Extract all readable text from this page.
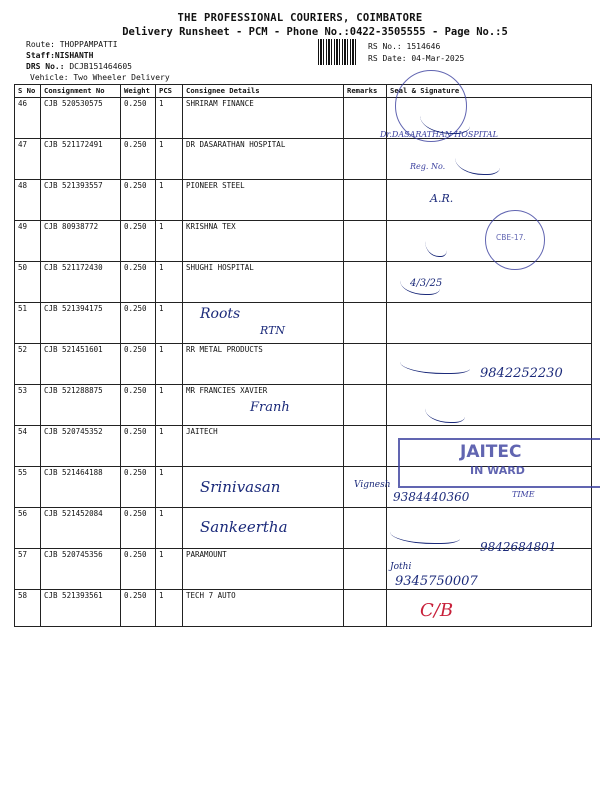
THE PROFESSIONAL COURIERS, COIMBATORE
Delivery Runsheet - PCM - Phone No.:0422-3505555 - Page No.:5
Route: THOPPAMPATTI
Staff:NISHANTH
DRS No.: DCJB151464605
Vehicle: Two Wheeler Delivery
RS No.: 1514646
RS Date: 04-Mar-2025
S No	Consignment No	Weight	PCS	Consignee Details	Remarks	Seal & Signature
46	CJB 520530575	0.250	1	SHRIRAM FINANCE		
47	CJB 521172491	0.250	1	DR DASARATHAN HOSPITAL		
48	CJB 521393557	0.250	1	PIONEER STEEL		
49	CJB 80938772	0.250	1	KRISHNA TEX		
50	CJB 521172430	0.250	1	SHUGHI HOSPITAL		
51	CJB 521394175	0.250	1			
52	CJB 521451601	0.250	1	RR METAL PRODUCTS		
53	CJB 521288875	0.250	1	MR FRANCIES XAVIER		
54	CJB 520745352	0.250	1	JAITECH		
55	CJB 521464188	0.250	1			
56	CJB 521452084	0.250	1			
57	CJB 520745356	0.250	1	PARAMOUNT		
58	CJB 521393561	0.250	1	TECH 7 AUTO		
Roots
RTN
Franh
Srinivasan
Sankeertha
Dr.DASARATHAN HOSPITAL
Reg. No.
A.R.
CBE-17.
4/3/25
9842252230
JAITEC
IN WARD
TIME
Vignesh
9384440360
9842684801
Jothi
9345750007
C/B
